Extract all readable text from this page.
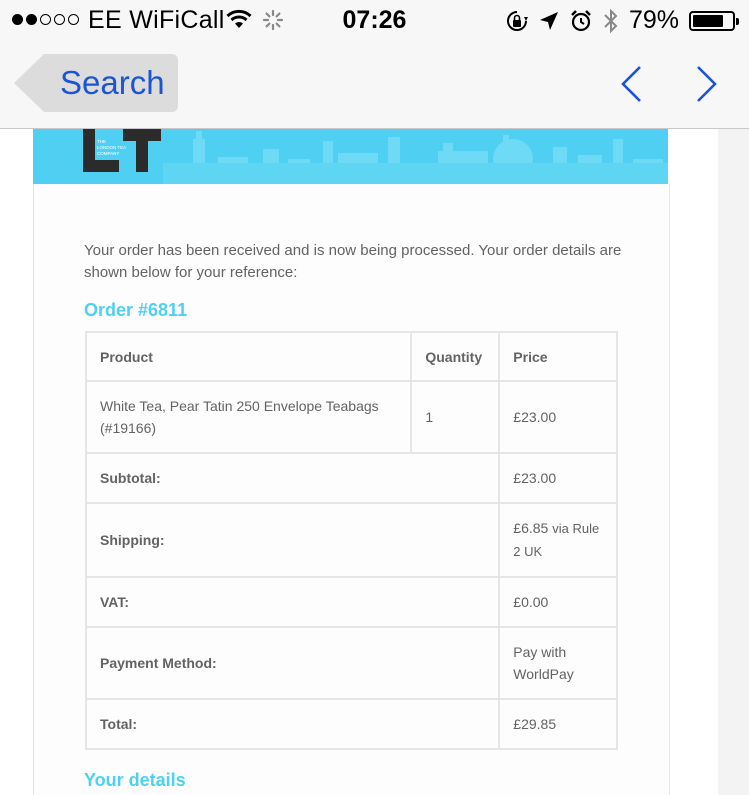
EE WiFiCall	07:26	79%
Search
THE
LONDON TEA
COMPANY

Your order has been received and is now being processed. Your order details are shown below for your reference:

Order #6811
Product	Quantity	Price
White Tea, Pear Tatin 250 Envelope Teabags (#19166)	1	£23.00
Subtotal:		£23.00
Shipping:		£6.85 via Rule 2 UK
VAT:		£0.00
Payment Method:		Pay with WorldPay
Total:		£29.85
Your details
